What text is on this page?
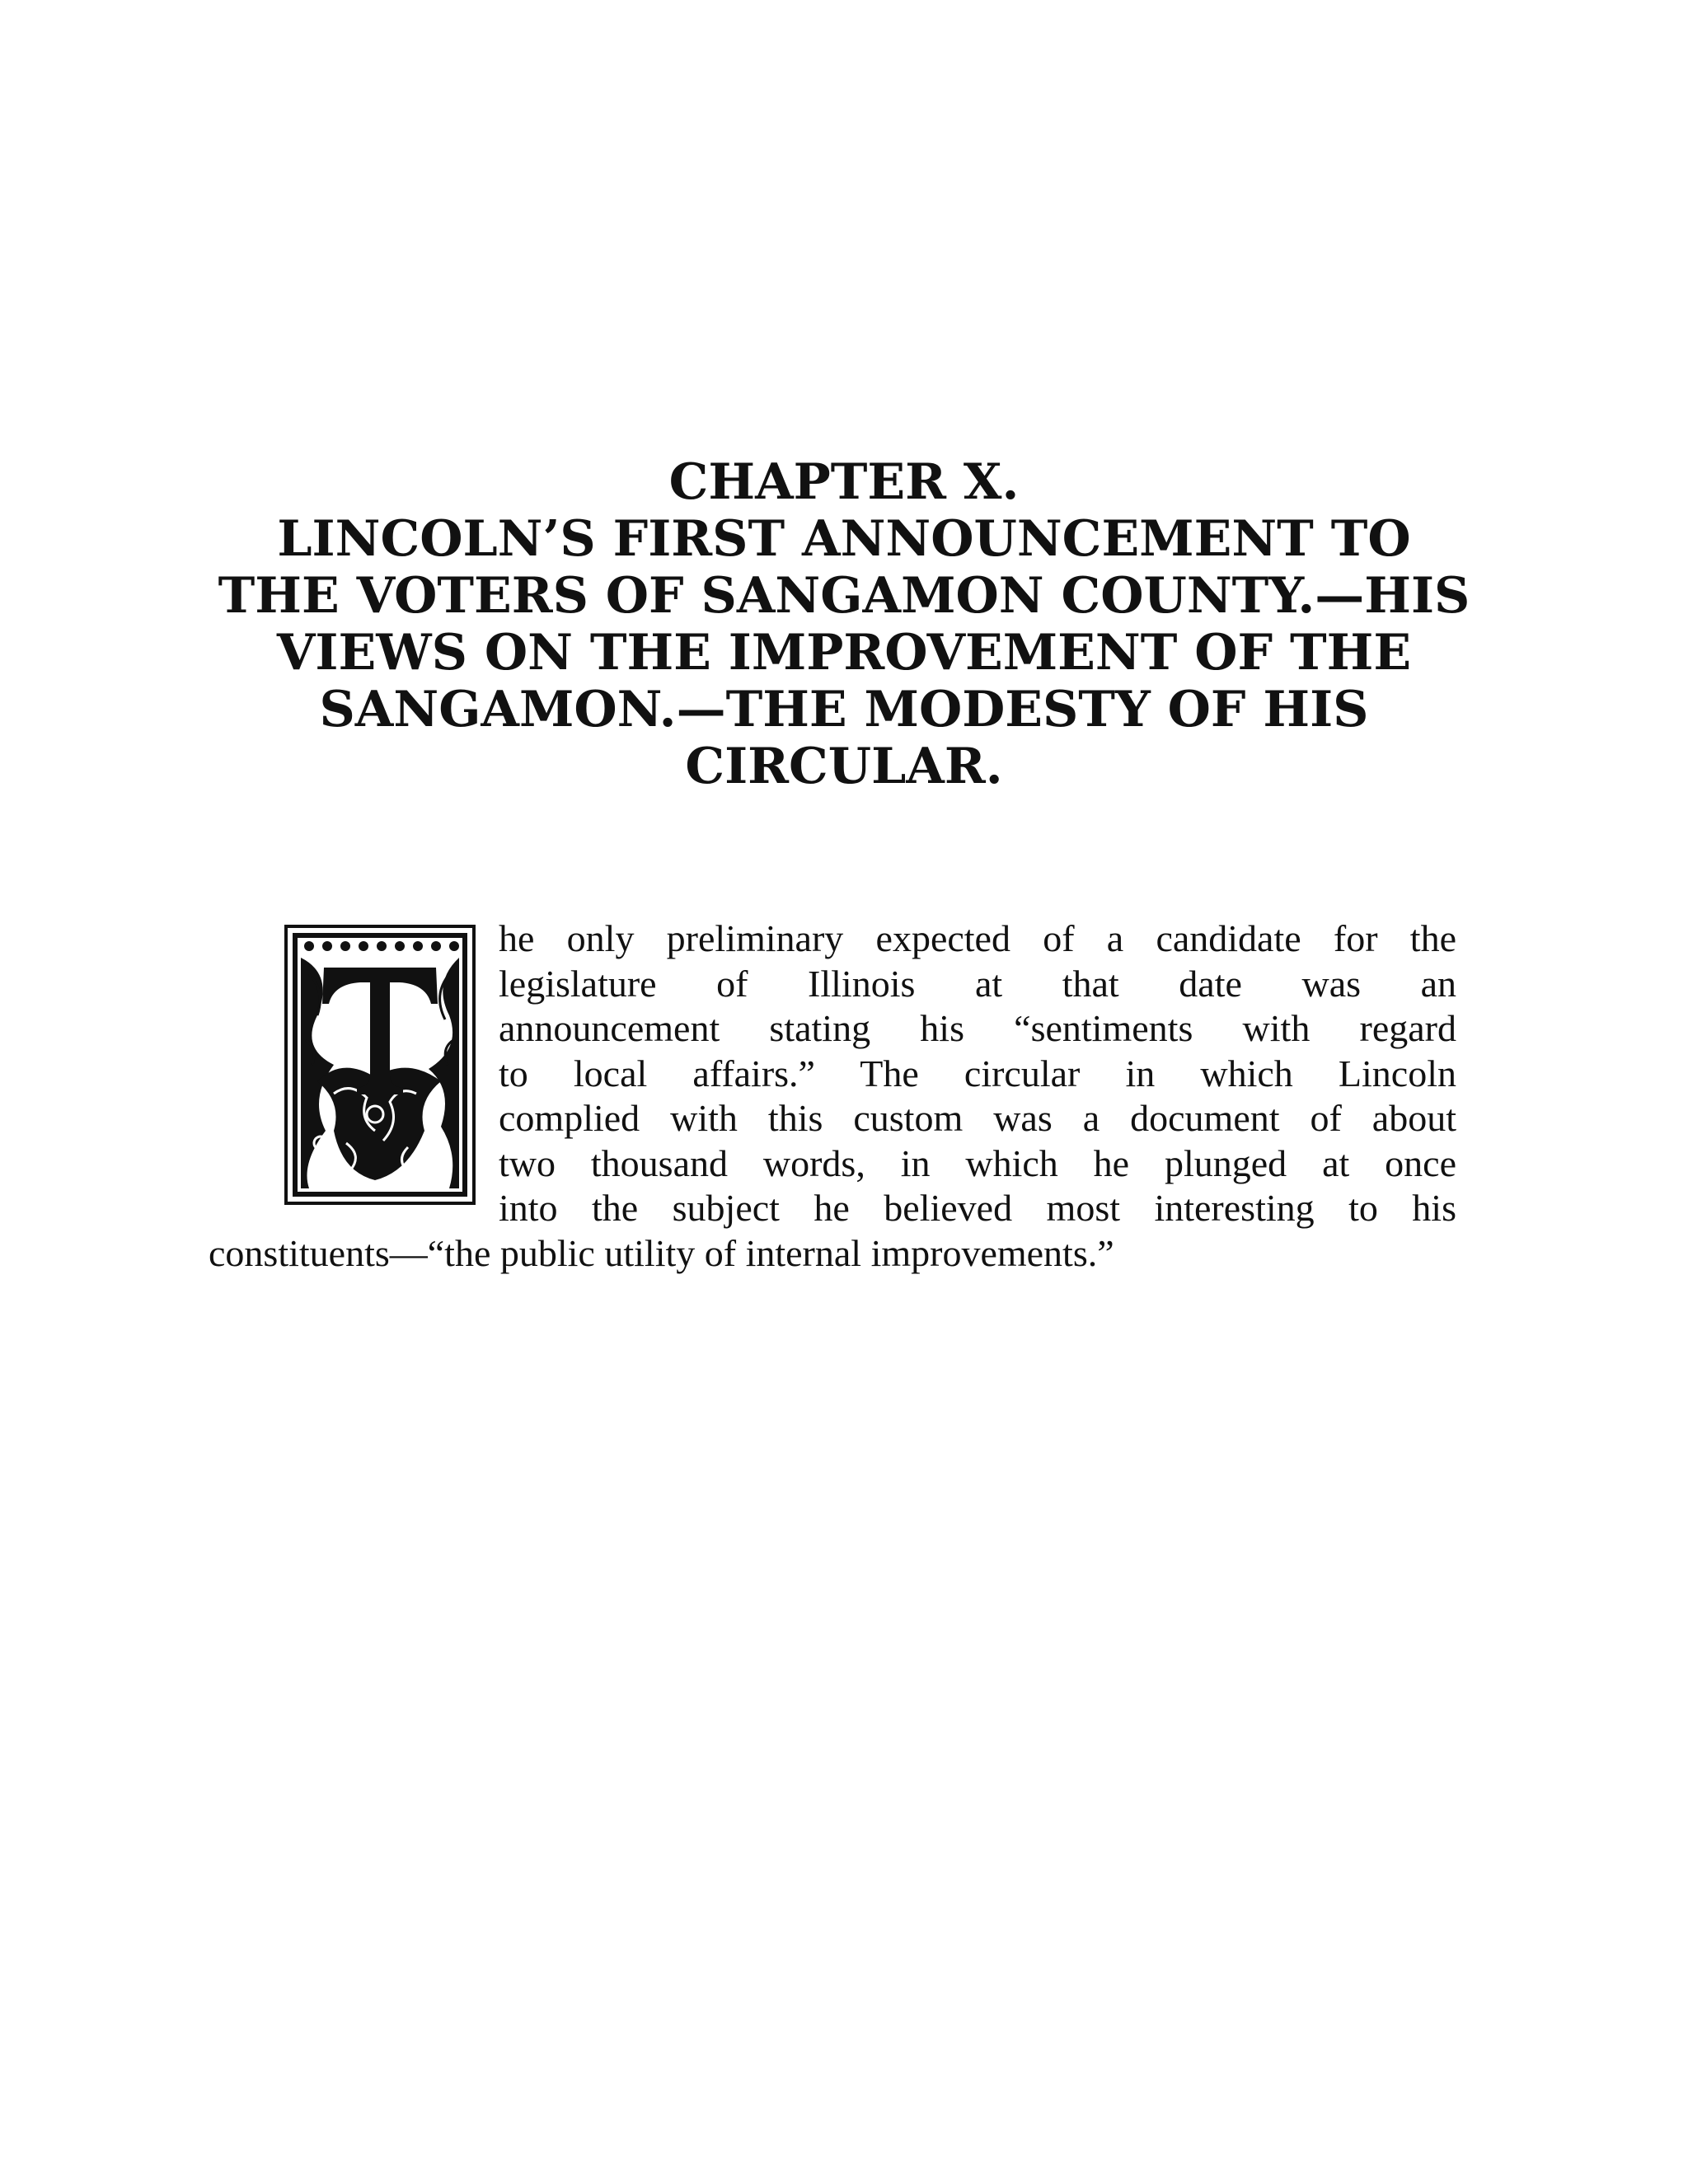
CHAPTER X.
LINCOLN’S FIRST ANNOUNCEMENT TO
THE VOTERS OF SANGAMON COUNTY.—HIS
VIEWS ON THE IMPROVEMENT OF THE
SANGAMON.—THE MODESTY OF HIS
CIRCULAR.
he only preliminary expected of a candidate for the
legislature of Illinois at that date was an
announcement stating his “sentiments with regard
to local affairs.” The circular in which Lincoln
complied with this custom was a document of about
two thousand words, in which he plunged at once
into the subject he believed most interesting to his
constituents—“the public utility of internal improvements.”
